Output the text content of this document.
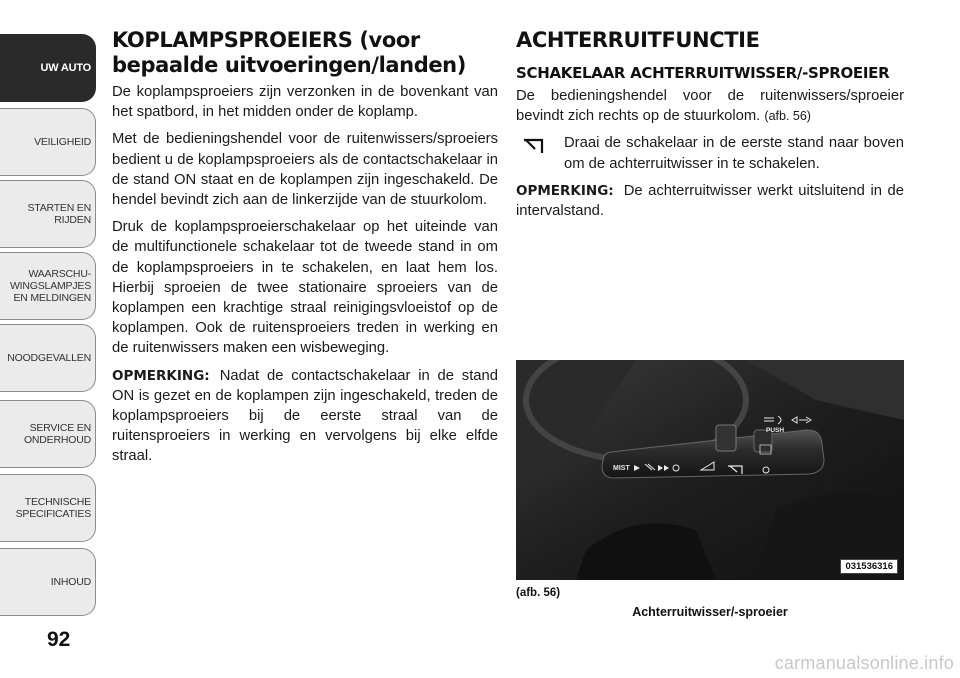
UW AUTO
VEILIGHEID
STARTEN EN
RIJDEN
WAARSCHU-
WINGSLAMPJES
EN MELDINGEN
NOODGEVALLEN
SERVICE EN
ONDERHOUD
TECHNISCHE
SPECIFICATIES
INHOUD
92
KOPLAMPSPROEIERS (voor bepaalde uitvoeringen/landen)

De koplampsproeiers zijn verzonken in de bovenkant van het spatbord, in het midden onder de koplamp.

Met de bedieningshendel voor de ruitenwissers/sproeiers bedient u de koplampsproeiers als de contactschakelaar in de stand ON staat en de koplampen zijn ingeschakeld. De hendel bevindt zich aan de linkerzijde van de stuurkolom.

Druk de koplampsproeierschakelaar op het uiteinde van de multifunctionele schakelaar tot de tweede stand in om de koplampsproeiers in te schakelen, en laat hem los. Hierbij sproeien de twee stationaire sproeiers van de koplampen een krachtige straal reinigingsvloeistof op de koplampen. Ook de ruitensproeiers treden in werking en de ruitenwissers maken een wisbeweging.

OPMERKING: Nadat de contactschakelaar in de stand ON is gezet en de koplampen zijn ingeschakeld, treden de koplampsproeiers bij de eerste straal van de ruitensproeiers in werking en vervolgens bij elke elfde straal.

ACHTERRUITFUNCTIE
SCHAKELAAR ACHTERRUITWISSER/-SPROEIER

De bedieningshendel voor de ruitenwissers/sproeier bevindt zich rechts op de stuurkolom. (afb. 56)

Draai de schakelaar in de eerste stand naar boven om de achterruitwisser in te schakelen.

OPMERKING: De achterruitwisser werkt uitsluitend in de intervalstand.

MIST
PUSH
031536316
(afb. 56)
Achterruitwisser/-sproeier
carmanualsonline.info
